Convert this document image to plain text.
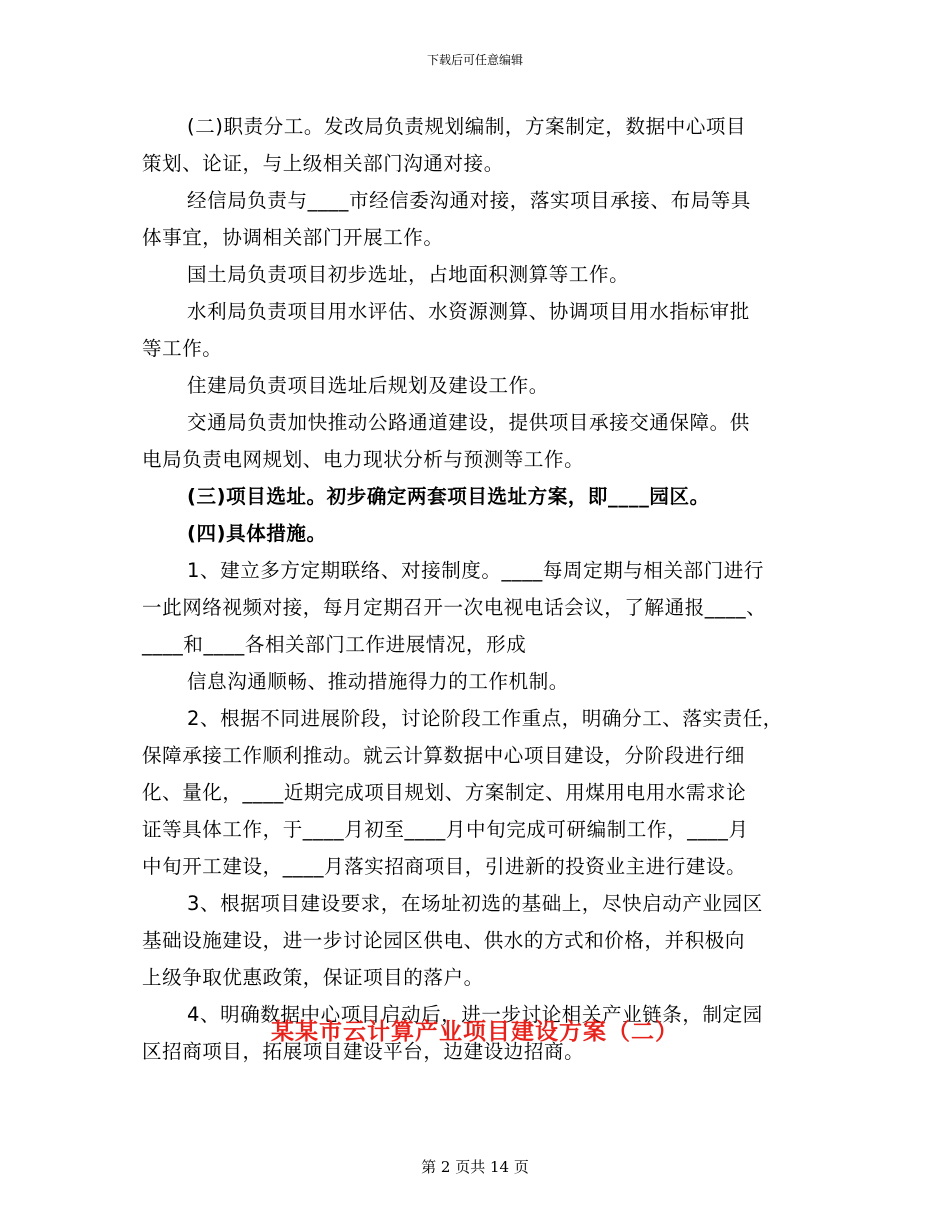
下载后可任意编辑
(二)职责分工。发改局负责规划编制，方案制定，数据中心项目
策划、论证，与上级相关部门沟通对接。
经信局负责与____市经信委沟通对接，落实项目承接、布局等具
体事宜，协调相关部门开展工作。
国土局负责项目初步选址，占地面积测算等工作。
水利局负责项目用水评估、水资源测算、协调项目用水指标审批
等工作。
住建局负责项目选址后规划及建设工作。
交通局负责加快推动公路通道建设，提供项目承接交通保障。供
电局负责电网规划、电力现状分析与预测等工作。
(三)项目选址。初步确定两套项目选址方案，即____园区。
(四)具体措施。
1、建立多方定期联络、对接制度。____每周定期与相关部门进行
一此网络视频对接，每月定期召开一次电视电话会议，了解通报____、
____和____各相关部门工作进展情况，形成
信息沟通顺畅、推动措施得力的工作机制。
2、根据不同进展阶段，讨论阶段工作重点，明确分工、落实责任，
保障承接工作顺利推动。就云计算数据中心项目建设，分阶段进行细
化、量化，____近期完成项目规划、方案制定、用煤用电用水需求论
证等具体工作，于____月初至____月中旬完成可研编制工作，____月
中旬开工建设，____月落实招商项目，引进新的投资业主进行建设。
3、根据项目建设要求，在场址初选的基础上，尽快启动产业园区
基础设施建设，进一步讨论园区供电、供水的方式和价格，并积极向
上级争取优惠政策，保证项目的落户。
4、明确数据中心项目启动后，进一步讨论相关产业链条，制定园
区招商项目，拓展项目建设平台，边建设边招商。
某某市云计算产业项目建设方案（二）
第 2 页共 14 页
